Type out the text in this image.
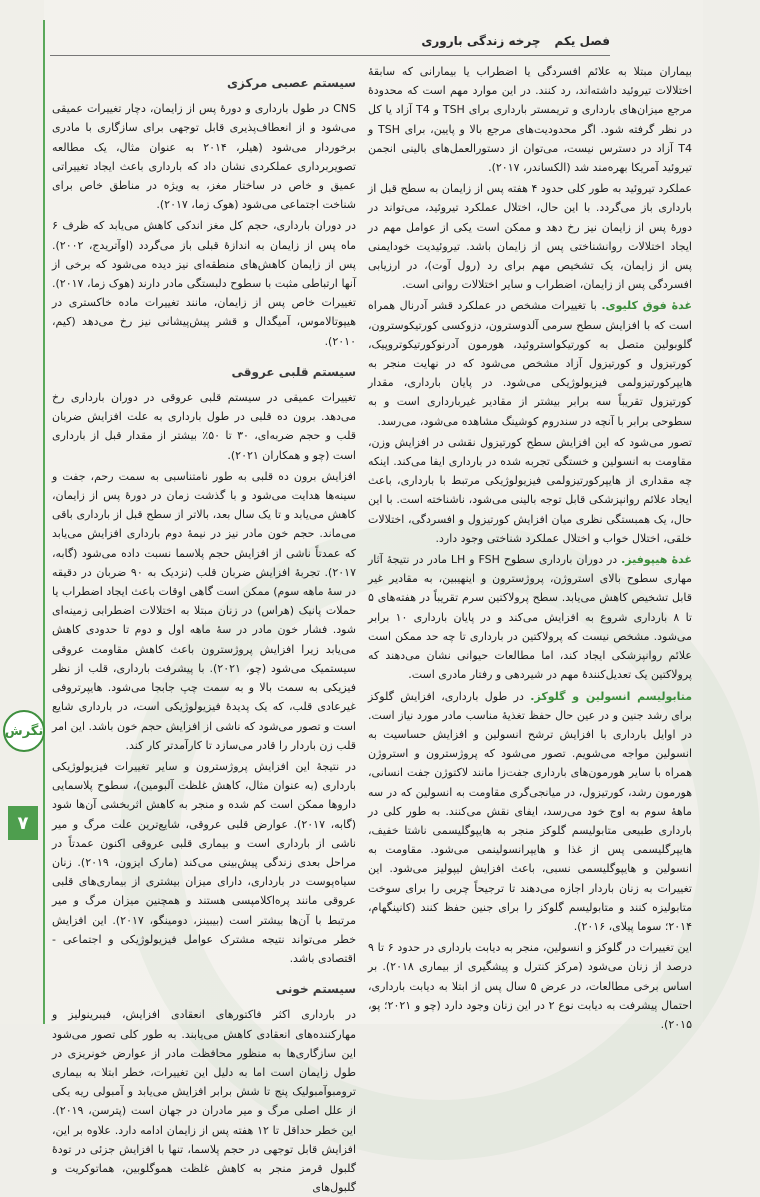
فصل یکم
چرخه زندگی باروری
نگرش
۷

بیماران مبتلا به علائم افسردگی یا اضطراب یا بیمارانی که سابقهٔ اختلالات تیروئید داشته‌اند، رد کنند. در این موارد مهم است که محدودهٔ مرجع میزان‌های بارداری و تریمستر بارداری برای TSH و T4 آزاد یا کل در نظر گرفته شود. اگر محدودیت‌های مرجع بالا و پایین، برای TSH و T4 آزاد در دسترس نیست، می‌توان از دستورالعمل‌های بالینی انجمن تیروئید آمریکا بهره‌مند شد (الکساندر، ۲۰۱۷).

عملکرد تیروئید به طور کلی حدود ۴ هفته پس از زایمان به سطح قبل از بارداری باز می‌گردد. با این حال، اختلال عملکرد تیروئید، می‌تواند در دورهٔ پس از زایمان نیز رخ دهد و ممکن است یکی از عوامل مهم در ایجاد اختلالات روانشناختی پس از زایمان باشد. تیروئیدیت خودایمنی پس از زایمان، یک تشخیص مهم برای رد (رول آوت)، در ارزیابی افسردگی پس از زایمان، اضطراب و سایر اختلالات روانی است.

غدهٔ فوق کلیوی. با تغییرات مشخص در عملکرد قشر آدرنال همراه است که با افزایش سطح سرمی آلدوسترون، دزوکسی کورتیکوسترون، گلوبولین متصل به کورتیکواستروئید، هورمون آدرنوکورتیکوتروپیک، کورتیزول و کورتیزول آزاد مشخص می‌شود که در نهایت منجر به هایپرکورتیزولمی فیزیولوژیکی می‌شود. در پایان بارداری، مقدار کورتیزول تقریباً سه برابر بیشتر از مقادیر غیربارداری است و به سطوحی برابر با آنچه در سندروم کوشینگ مشاهده می‌شود، می‌رسد.

تصور می‌شود که این افزایش سطح کورتیزول نقشی در افزایش وزن، مقاومت به انسولین و خستگی تجربه شده در بارداری ایفا می‌کند. اینکه چه مقداری از هایپرکورتیزولمی فیزیولوژیکی مرتبط با بارداری، باعث ایجاد علائم روانپزشکی قابل توجه بالینی می‌شود، ناشناخته است. با این حال، یک همبستگی نظری میان افزایش کورتیزول و افسردگی، اختلالات خلقی، اختلال خواب و اختلال عملکرد شناختی وجود دارد.

غدهٔ هیپوفیز. در دوران بارداری سطوح FSH و LH مادر در نتیجهٔ آثار مهاری سطوح بالای استروژن، پروژسترون و اینهیبین، به مقادیر غیر قابل تشخیص کاهش می‌یابد. سطح پرولاکتین سرم تقریباً در هفته‌های ۵ تا ۸ بارداری شروع به افزایش می‌کند و در پایان بارداری ۱۰ برابر می‌شود. مشخص نیست که پرولاکتین در بارداری تا چه حد ممکن است علائم روانپزشکی ایجاد کند، اما مطالعات حیوانی نشان می‌دهند که پرولاکتین یک تعدیل‌کنندهٔ مهم در شیردهی و رفتار مادری است.

متابولیسم انسولین و گلوکز. در طول بارداری، افزایش گلوکز برای رشد جنین و در عین حال حفظ تغذیهٔ مناسب مادر مورد نیاز است. در اوایل بارداری با افزایش ترشح انسولین و افزایش حساسیت به انسولین مواجه می‌شویم. تصور می‌شود که پروژسترون و استروژن همراه با سایر هورمون‌های بارداری جفت‌زا مانند لاکتوژن جفت انسانی، هورمون رشد، کورتیزول، در میانجی‌گری مقاومت به انسولین که در سه ماههٔ سوم به اوج خود می‌رسد، ایفای نقش می‌کنند. به طور کلی در بارداری طبیعی متابولیسم گلوکز منجر به هایپوگلیسمی ناشتا خفیف، هایپرگلیسمی پس از غذا و هایپرانسولینمی می‌شود. مقاومت به انسولین و هایپوگلیسمی نسبی، باعث افزایش لیپولیز می‌شود. این تغییرات به زنان باردار اجازه می‌دهند تا ترجیحاً چربی را برای سوخت متابولیزه کنند و متابولیسم گلوکز را برای جنین حفظ کنند (کانینگهام، ۲۰۱۴؛ سوما پیلای، ۲۰۱۶).

این تغییرات در گلوکز و انسولین، منجر به دیابت بارداری در حدود ۶ تا ۹ درصد از زنان می‌شود (مرکز کنترل و پیشگیری از بیماری ۲۰۱۸). بر اساس برخی مطالعات، در عرض ۵ سال پس از ابتلا به دیابت بارداری، احتمال پیشرفت به دیابت نوع ۲ در این زنان وجود دارد (چو و ۲۰۲۱؛ پو، ۲۰۱۵).

سیستم عصبی مرکزی

CNS در طول بارداری و دورهٔ پس از زایمان، دچار تغییرات عمیقی می‌شود و از انعطاف‌پذیری قابل توجهی برای سازگاری با مادری برخوردار می‌شود (هیلر، ۲۰۱۴ به عنوان مثال، یک مطالعه تصویربرداری عملکردی نشان داد که بارداری باعث ایجاد تغییراتی عمیق و خاص در ساختار مغز، به ویژه در مناطق خاص برای شناخت اجتماعی می‌شود (هوک زما، ۲۰۱۷).

در دوران بارداری، حجم کل مغز اندکی کاهش می‌یابد که ظرف ۶ ماه پس از زایمان به اندازهٔ قبلی باز می‌گردد (اوآتریدج، ۲۰۰۲). پس از زایمان کاهش‌های منطقه‌ای نیز دیده می‌شود که برخی از آنها ارتباطی مثبت با سطوح دلبستگی مادر دارند (هوک زما، ۲۰۱۷). تغییرات خاص پس از زایمان، مانند تغییرات ماده خاکستری در هیپوتالاموس، آمیگدال و قشر پیش‌پیشانی نیز رخ می‌دهد (کیم، ۲۰۱۰).

سیستم قلبی عروقی

تغییرات عمیقی در سیستم قلبی عروقی در دوران بارداری رخ می‌دهد. برون ده قلبی در طول بارداری به علت افزایش ضربان قلب و حجم ضربه‌ای، ۳۰ تا ۵۰٪ بیشتر از مقدار قبل از بارداری است (چو و همکاران ۲۰۲۱).

افزایش برون ده قلبی به طور نامتناسبی به سمت رحم، جفت و سینه‌ها هدایت می‌شود و با گذشت زمان در دورهٔ پس از زایمان، کاهش می‌یابد و تا یک سال بعد، بالاتر از سطح قبل از بارداری باقی می‌ماند. حجم خون مادر نیز در نیمهٔ دوم بارداری افزایش می‌یابد که عمدتاً ناشی از افزایش حجم پلاسما نسبت داده می‌شود (گابه، ۲۰۱۷). تجربهٔ افزایش ضربان قلب (نزدیک به ۹۰ ضربان در دقیقه در سهٔ ماهه سوم) ممکن است گاهی اوقات باعث ایجاد اضطراب یا حملات پانیک (هراس) در زنان مبتلا به اختلالات اضطرابی زمینه‌ای شود. فشار خون مادر در سهٔ ماهه اول و دوم تا حدودی کاهش می‌یابد زیرا افزایش پروژسترون باعث کاهش مقاومت عروقی سیستمیک می‌شود (چو، ۲۰۲۱). با پیشرفت بارداری، قلب از نظر فیزیکی به سمت بالا و به سمت چپ جابجا می‌شود. هایپرتروفی غیرعادی قلب، که یک پدیدهٔ فیزیولوژیکی است، در بارداری شایع است و تصور می‌شود که ناشی از افزایش حجم خون باشد. این امر قلب زن باردار را قادر می‌سازد تا کارآمدتر کار کند.

در نتیجهٔ این افزایش پروژسترون و سایر تغییرات فیزیولوژیکی بارداری (به عنوان مثال، کاهش غلظت آلبومین)، سطوح پلاسمایی داروها ممکن است کم شده و منجر به کاهش اثربخشی آن‌ها شود (گابه، ۲۰۱۷). عوارض قلبی عروقی، شایع‌ترین علت مرگ و میر ناشی از بارداری است و بیماری قلبی عروقی اکنون عمدتاً در مراحل بعدی زندگی پیش‌بینی می‌کند (مارک ایزون، ۲۰۱۹). زنان سیاه‌پوست در بارداری، دارای میزان بیشتری از بیماری‌های قلبی عروقی مانند پره‌اکلامپسی هستند و همچنین میزان مرگ و میر مرتبط با آن‌ها بیشتر است (بیبینز، دومینگو، ۲۰۱۷). این افزایش خطر می‌تواند نتیجه مشترک عوامل فیزیولوژیکی و اجتماعی - اقتصادی باشد.

سیستم خونی

در بارداری اکثر فاکتورهای انعقادی افزایش، فیبرینولیز و مهارکننده‌های انعقادی کاهش می‌یابند. به طور کلی تصور می‌شود این سازگاری‌ها به منظور محافظت مادر از عوارض خونریزی در طول زایمان است اما به دلیل این تغییرات، خطر ابتلا به بیماری ترومبوآمبولیک پنج تا شش برابر افزایش می‌یابد و آمبولی ریه یکی از علل اصلی مرگ و میر مادران در جهان است (پترسن، ۲۰۱۹). این خطر حداقل تا ۱۲ هفته پس از زایمان ادامه دارد. علاوه بر این، افزایش قابل توجهی در حجم پلاسما، تنها با افزایش جزئی در تودهٔ گلبول قرمز منجر به کاهش غلظت هموگلوبین، هماتوکریت و گلبول‌های
